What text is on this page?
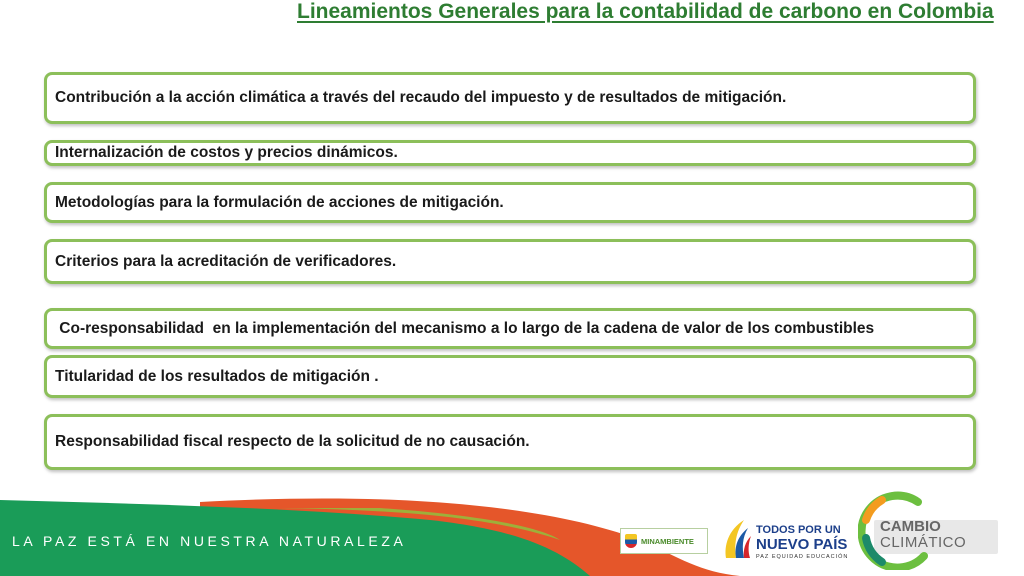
Lineamientos Generales para la contabilidad de carbono en Colombia
Contribución a la acción climática a través del recaudo del impuesto y de resultados de mitigación.
Internalización de costos y precios dinámicos.
Metodologías para la formulación de acciones de mitigación.
Criterios para la acreditación de verificadores.
Co-responsabilidad  en la implementación del mecanismo a lo largo de la cadena de valor de los combustibles
Titularidad de los resultados de mitigación .
Responsabilidad fiscal respecto de la solicitud de no causación.
LA PAZ ESTÁ EN NUESTRA NATURALEZA	MINAMBIENTE
TODOS POR UN
NUEVO PAÍS
PAZ EQUIDAD EDUCACIÓN
CAMBIO
CLIMÁTICO
